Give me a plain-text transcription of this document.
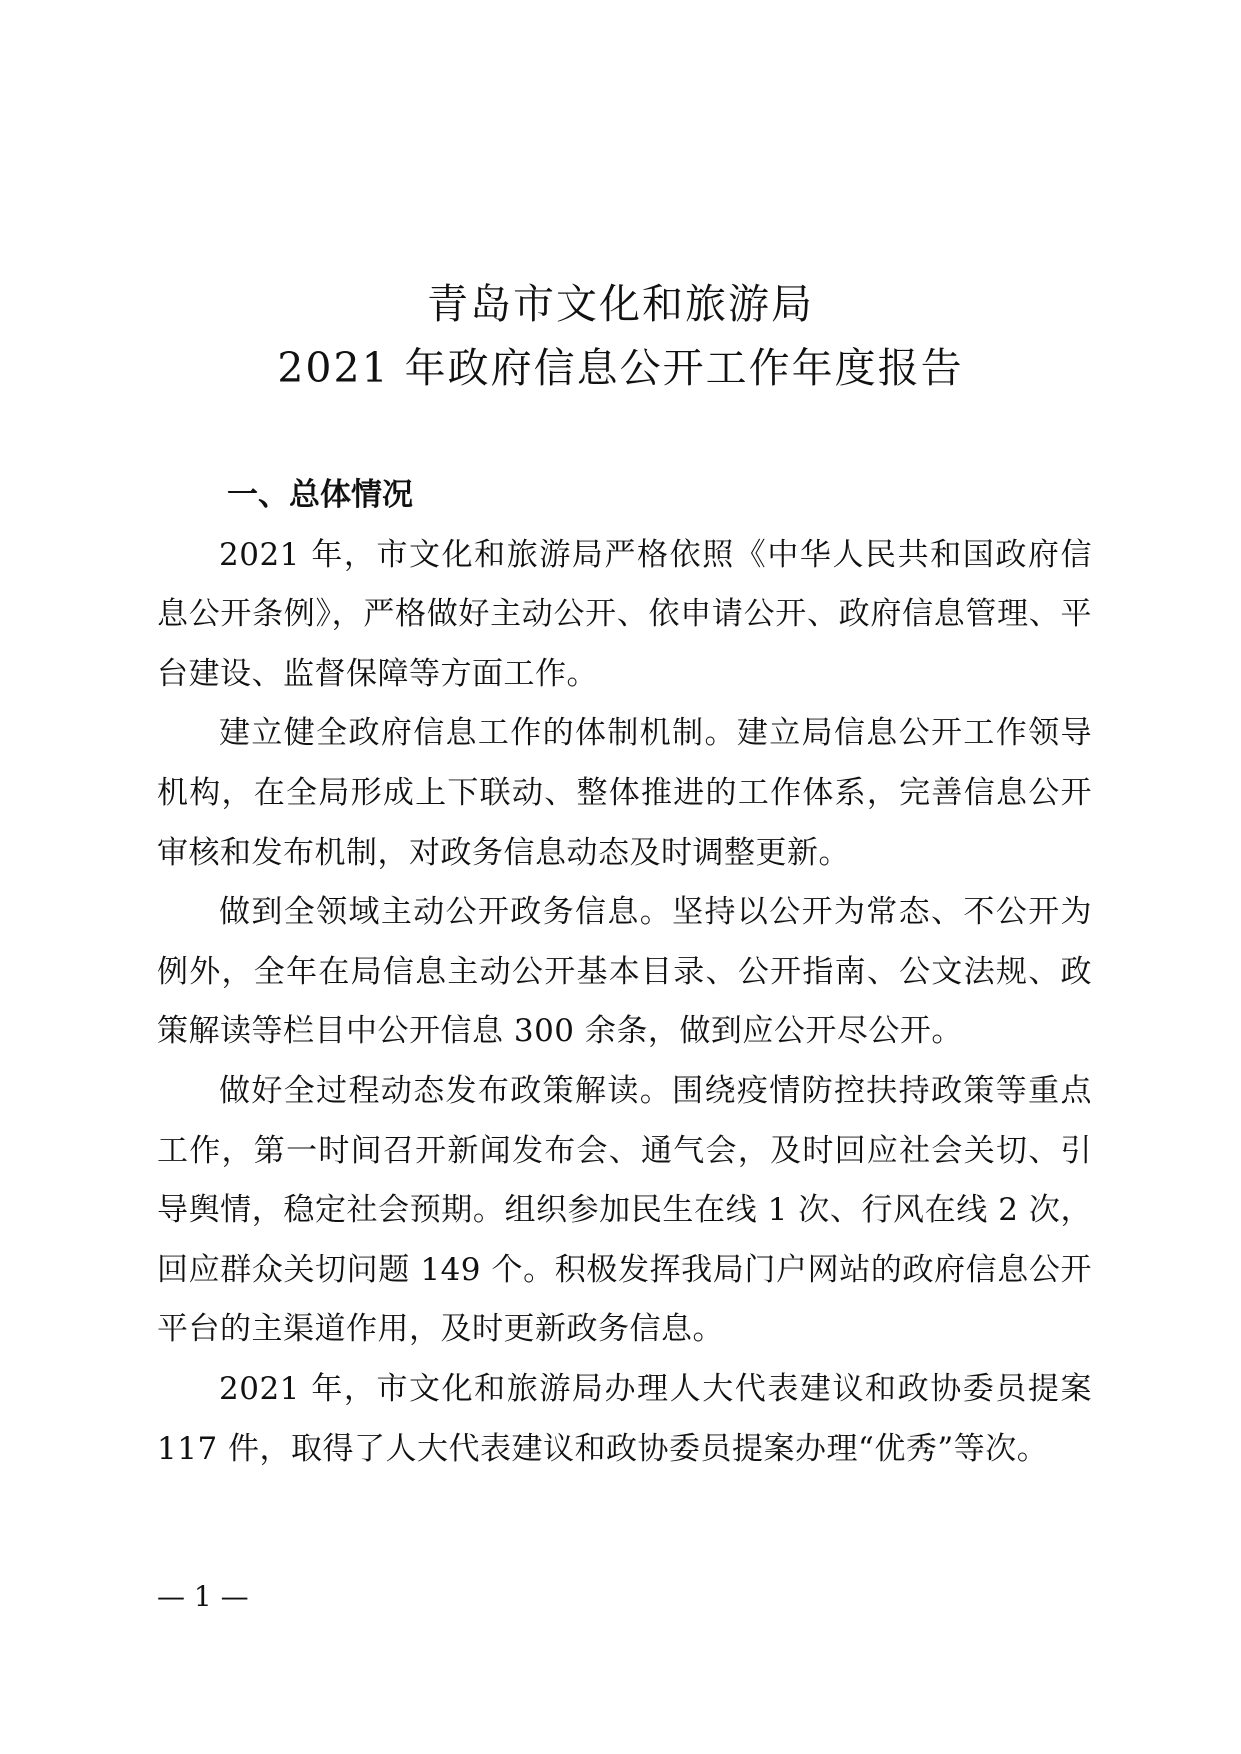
青岛市文化和旅游局
2021 年政府信息公开工作年度报告

一、总体情况

2021 年，市文化和旅游局严格依照《中华人民共和国政府信息公开条例》，严格做好主动公开、依申请公开、政府信息管理、平台建设、监督保障等方面工作。

建立健全政府信息工作的体制机制。建立局信息公开工作领导机构，在全局形成上下联动、整体推进的工作体系，完善信息公开审核和发布机制，对政务信息动态及时调整更新。

做到全领域主动公开政务信息。坚持以公开为常态、不公开为例外，全年在局信息主动公开基本目录、公开指南、公文法规、政策解读等栏目中公开信息 300 余条，做到应公开尽公开。

做好全过程动态发布政策解读。围绕疫情防控扶持政策等重点工作，第一时间召开新闻发布会、通气会，及时回应社会关切、引导舆情，稳定社会预期。组织参加民生在线 1 次、行风在线 2 次，回应群众关切问题 149 个。积极发挥我局门户网站的政府信息公开平台的主渠道作用，及时更新政务信息。

2021 年，市文化和旅游局办理人大代表建议和政协委员提案 117 件，取得了人大代表建议和政协委员提案办理“优秀”等次。

— 1 —
